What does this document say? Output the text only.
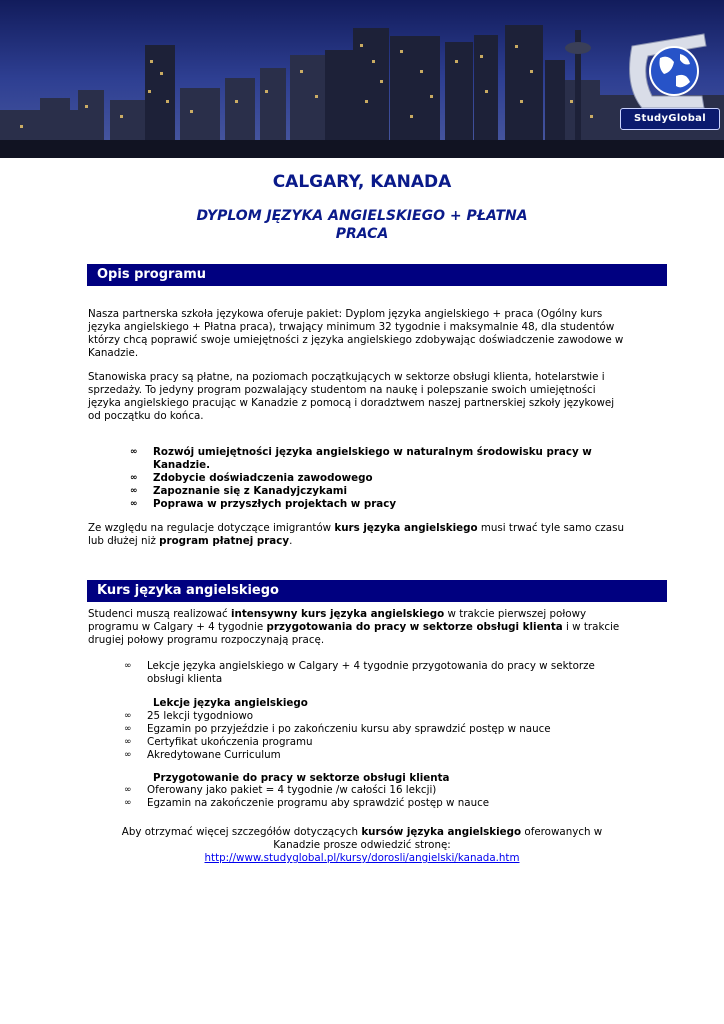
StudyGlobal
CALGARY, KANADA
DYPLOM JĘZYKA ANGIELSKIEGO + PŁATNA PRACA
Opis programu

Nasza partnerska szkoła językowa oferuje pakiet: Dyplom języka angielskiego + praca (Ogólny kurs języka angielskiego + Płatna praca), trwający minimum 32 tygodnie i maksymalnie 48, dla studentów którzy chcą poprawić swoje umiejętności z języka angielskiego zdobywając doświadczenie zawodowe w Kanadzie.

Stanowiska pracy są płatne, na poziomach początkujących w sektorze obsługi klienta, hotelarstwie i sprzedaży. To jedyny program pozwalający studentom na naukę i polepszanie swoich umiejętności języka angielskiego pracując w Kanadzie z pomocą i doradztwem naszej partnerskiej szkoły językowej od początku do końca.

∞ Rozwój umiejętności języka angielskiego w naturalnym środowisku pracy w Kanadzie.
∞ Zdobycie doświadczenia zawodowego
∞ Zapoznanie się z Kanadyjczykami
∞ Poprawa w przyszłych projektach w pracy

Ze względu na regulacje dotyczące imigrantów kurs języka angielskiego musi trwać tyle samo czasu lub dłużej niż program płatnej pracy.

Kurs języka angielskiego

Studenci muszą realizować intensywny kurs języka angielskiego w trakcie pierwszej połowy programu w Calgary + 4 tygodnie przygotowania do pracy w sektorze obsługi klienta i w trakcie drugiej połowy programu rozpoczynają pracę.

∞ Lekcje języka angielskiego w Calgary + 4 tygodnie przygotowania do pracy w sektorze obsługi klienta
Lekcje języka angielskiego
∞ 25 lekcji tygodniowo
∞ Egzamin po przyjeździe i po zakończeniu kursu aby sprawdzić postęp w nauce
∞ Certyfikat ukończenia programu
∞ Akredytowane Curriculum
Przygotowanie do pracy w sektorze obsługi klienta
∞ Oferowany jako pakiet = 4 tygodnie /w całości 16 lekcji)
∞ Egzamin na zakończenie programu aby sprawdzić postęp w nauce

Aby otrzymać więcej szczegółów dotyczących kursów języka angielskiego oferowanych w Kanadzie prosze odwiedzić stronę:
http://www.studyglobal.pl/kursy/dorosli/angielski/kanada.htm
